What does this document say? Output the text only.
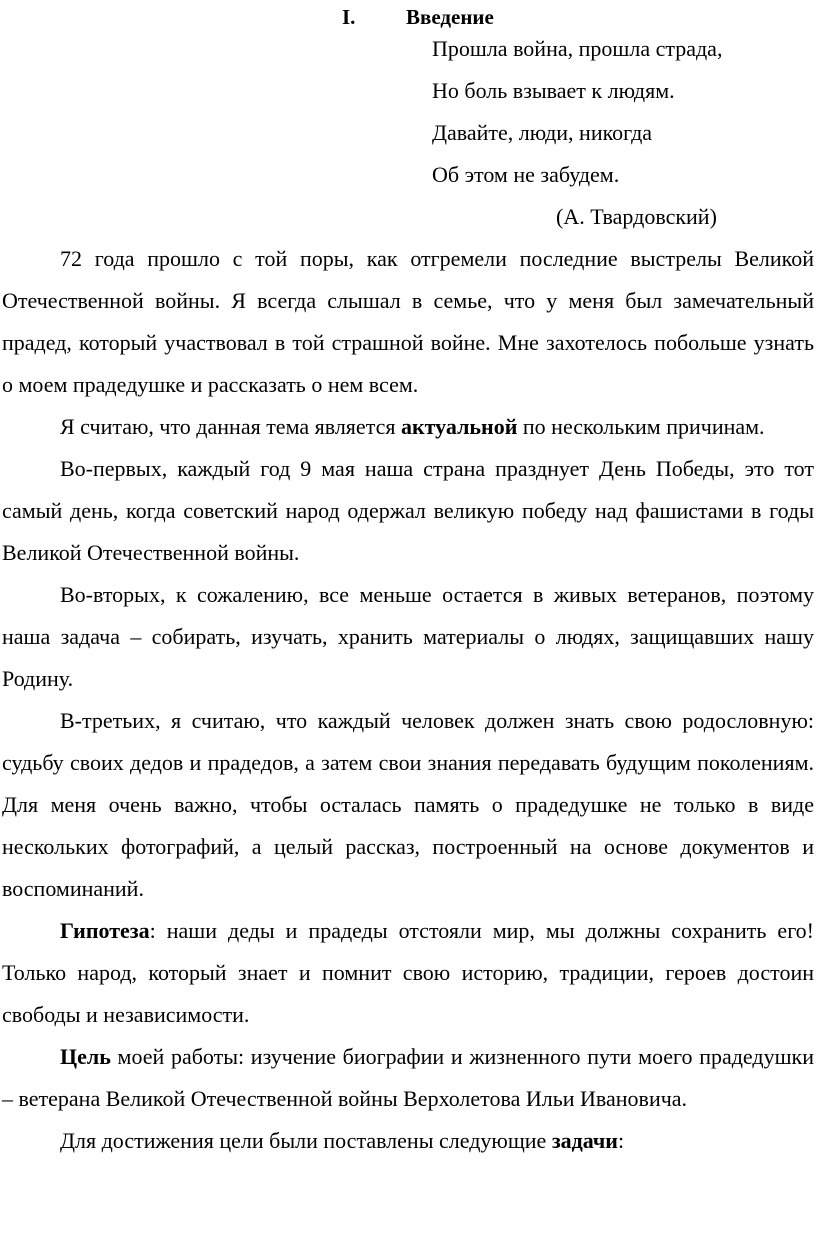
I. Введение
Прошла война, прошла страда,
Но боль взывает к людям.
Давайте, люди, никогда
Об этом не забудем.
(А. Твардовский)

72 года прошло с той поры, как отгремели последние выстрелы Великой Отечественной войны. Я всегда слышал в семье, что у меня был замечательный прадед, который участвовал в той страшной войне. Мне захотелось побольше узнать о моем прадедушке и рассказать о нем всем.

Я считаю, что данная тема является актуальной по нескольким причинам.

Во-первых, каждый год 9 мая наша страна празднует День Победы, это тот самый день, когда советский народ одержал великую победу над фашистами в годы Великой Отечественной войны.

Во-вторых, к сожалению, все меньше остается в живых ветеранов, поэтому наша задача – собирать, изучать, хранить материалы о людях, защищавших нашу Родину.

В-третьих, я считаю, что каждый человек должен знать свою родословную: судьбу своих дедов и прадедов, а затем свои знания передавать будущим поколениям. Для меня очень важно, чтобы осталась память о прадедушке не только в виде нескольких фотографий, а целый рассказ, построенный на основе документов и воспоминаний.

Гипотеза: наши деды и прадеды отстояли мир, мы должны сохранить его! Только народ, который знает и помнит свою историю, традиции, героев достоин свободы и независимости.

Цель моей работы: изучение биографии и жизненного пути моего прадедушки – ветерана Великой Отечественной войны Верхолетова Ильи Ивановича.

Для достижения цели были поставлены следующие задачи:
